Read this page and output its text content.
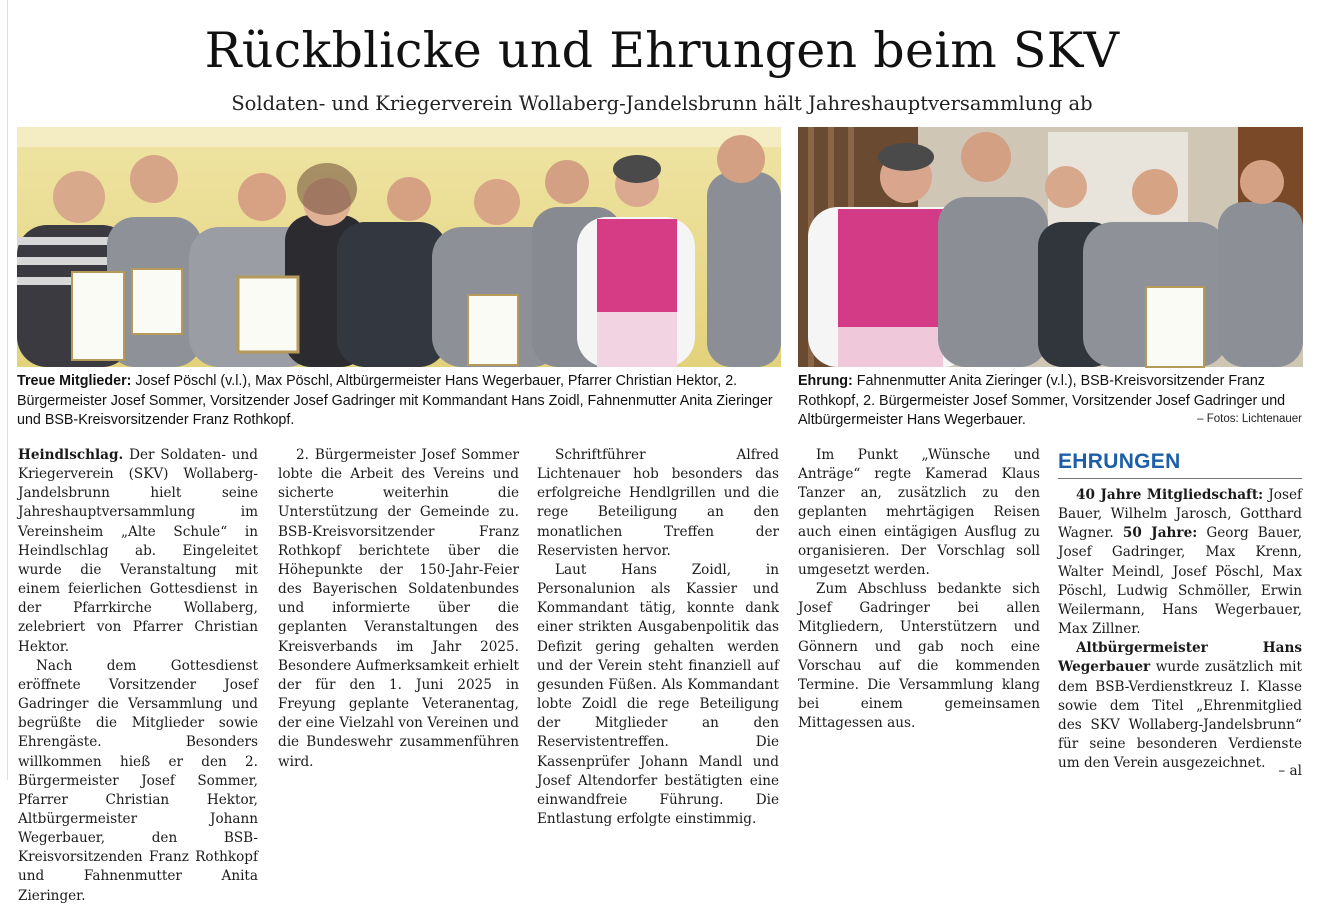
Rückblicke und Ehrungen beim SKV
Soldaten- und Kriegerverein Wollaberg-Jandelsbrunn hält Jahreshauptversammlung ab
Treue Mitglieder: Josef Pöschl (v.l.), Max Pöschl, Altbürgermeister Hans Wegerbauer, Pfarrer Christian Hektor, 2. Bürgermeister Josef Sommer, Vorsitzender Josef Gadringer mit Kommandant Hans Zoidl, Fahnenmutter Anita Zieringer und BSB-Kreisvorsitzender Franz Rothkopf.
Ehrung: Fahnenmutter Anita Zieringer (v.l.), BSB-Kreisvorsitzender Franz Rothkopf, 2. Bürgermeister Josef Sommer, Vorsitzender Josef Gadringer und Altbürgermeister Hans Wegerbauer.	– Fotos: Lichtenauer

Heindlschlag. Der Soldaten- und Kriegerverein (SKV) Wollaberg-Jandelsbrunn hielt seine Jahreshauptversammlung im Vereinsheim „Alte Schule“ in Heindlschlag ab. Eingeleitet wurde die Veranstaltung mit einem feierlichen Gottesdienst in der Pfarrkirche Wollaberg, zelebriert von Pfarrer Christian Hektor.

Nach dem Gottesdienst eröffnete Vorsitzender Josef Gadringer die Versammlung und begrüßte die Mitglieder sowie Ehrengäste. Besonders willkommen hieß er den 2. Bürgermeister Josef Sommer, Pfarrer Christian Hektor, Altbürgermeister Johann Wegerbauer, den BSB-Kreisvorsitzenden Franz Rothkopf und Fahnenmutter Anita Zieringer.

2. Bürgermeister Josef Sommer lobte die Arbeit des Vereins und sicherte weiterhin die Unterstützung der Gemeinde zu. BSB-Kreisvorsitzender Franz Rothkopf berichtete über die Höhepunkte der 150-Jahr-Feier des Bayerischen Soldatenbundes und informierte über die geplanten Veranstaltungen des Kreisverbands im Jahr 2025. Besondere Aufmerksamkeit erhielt der für den 1. Juni 2025 in Freyung geplante Veteranentag, der eine Vielzahl von Vereinen und die Bundeswehr zusammenführen wird.

Schriftführer Alfred Lichtenauer hob besonders das erfolgreiche Hendlgrillen und die rege Beteiligung an den monatlichen Treffen der Reservisten hervor.

Laut Hans Zoidl, in Personalunion als Kassier und Kommandant tätig, konnte dank einer strikten Ausgabenpolitik das Defizit gering gehalten werden und der Verein steht finanziell auf gesunden Füßen. Als Kommandant lobte Zoidl die rege Beteiligung der Mitglieder an den Reservistentreffen. Die Kassenprüfer Johann Mandl und Josef Altendorfer bestätigten eine einwandfreie Führung. Die Entlastung erfolgte einstimmig.

Im Punkt „Wünsche und Anträge“ regte Kamerad Klaus Tanzer an, zusätzlich zu den geplanten mehrtägigen Reisen auch einen eintägigen Ausflug zu organisieren. Der Vorschlag soll umgesetzt werden.

Zum Abschluss bedankte sich Josef Gadringer bei allen Mitgliedern, Unterstützern und Gönnern und gab noch eine Vorschau auf die kommenden Termine. Die Versammlung klang bei einem gemeinsamen Mittagessen aus.

EHRUNGEN

40 Jahre Mitgliedschaft: Josef Bauer, Wilhelm Jarosch, Gotthard Wagner. 50 Jahre: Georg Bauer, Josef Gadringer, Max Krenn, Walter Meindl, Josef Pöschl, Max Pöschl, Ludwig Schmöller, Erwin Weilermann, Hans Wegerbauer, Max Zillner.

Altbürgermeister Hans Wegerbauer wurde zusätzlich mit dem BSB-Verdienstkreuz I. Klasse sowie dem Titel „Ehrenmitglied des SKV Wollaberg-Jandelsbrunn“ für seine besonderen Verdienste um den Verein ausgezeichnet. – al
